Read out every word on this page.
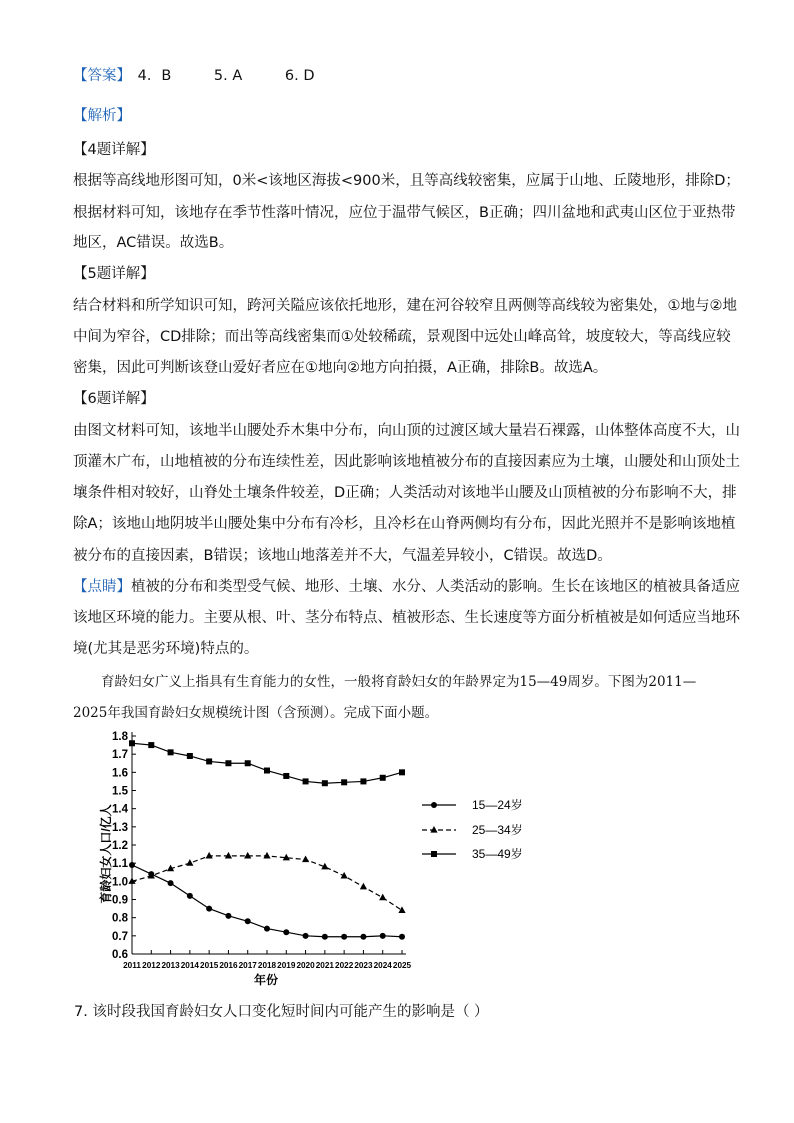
【答案】 4．B	5. A	6. D
【解析】
【4题详解】
根据等高线地形图可知，0米<该地区海拔<900米，且等高线较密集，应属于山地、丘陵地形，排除D；
根据材料可知，该地存在季节性落叶情况，应位于温带气候区，B正确；四川盆地和武夷山区位于亚热带
地区，AC错误。故选B。
【5题详解】
结合材料和所学知识可知，跨河关隘应该依托地形，建在河谷较窄且两侧等高线较为密集处，①地与②地
中间为窄谷，CD排除；而出等高线密集而①处较稀疏，景观图中远处山峰高耸，坡度较大，等高线应较
密集，因此可判断该登山爱好者应在①地向②地方向拍摄，A正确，排除B。故选A。
【6题详解】
由图文材料可知，该地半山腰处乔木集中分布，向山顶的过渡区域大量岩石裸露，山体整体高度不大，山
顶灌木广布，山地植被的分布连续性差，因此影响该地植被分布的直接因素应为土壤，山腰处和山顶处土
壤条件相对较好，山脊处土壤条件较差，D正确；人类活动对该地半山腰及山顶植被的分布影响不大，排
除A；该地山地阴坡半山腰处集中分布有冷杉，且冷杉在山脊两侧均有分布，因此光照并不是影响该地植
被分布的直接因素，B错误；该地山地落差并不大，气温差异较小，C错误。故选D。
【点睛】植被的分布和类型受气候、地形、土壤、水分、人类活动的影响。生长在该地区的植被具备适应
该地区环境的能力。主要从根、叶、茎分布特点、植被形态、生长速度等方面分析植被是如何适应当地环
境(尤其是恶劣环境)特点的。
育龄妇女广义上指具有生育能力的女性，一般将育龄妇女的年龄界定为15—49周岁。下图为2011—
2025年我国育龄妇女规模统计图（含预测）。完成下面小题。
0.6
0.7
0.8
0.9
1.0
1.1
1.2
1.3
1.4
1.5
1.6
1.7
1.8
2011 2012 2013 2014 2015 2016 2017 2018 2019 2020 2021 2022 2023 2024 2025
15—24岁
25—34岁
35—49岁
育龄妇女人口/亿人
年份
7. 该时段我国育龄妇女人口变化短时间内可能产生的影响是（ ）
